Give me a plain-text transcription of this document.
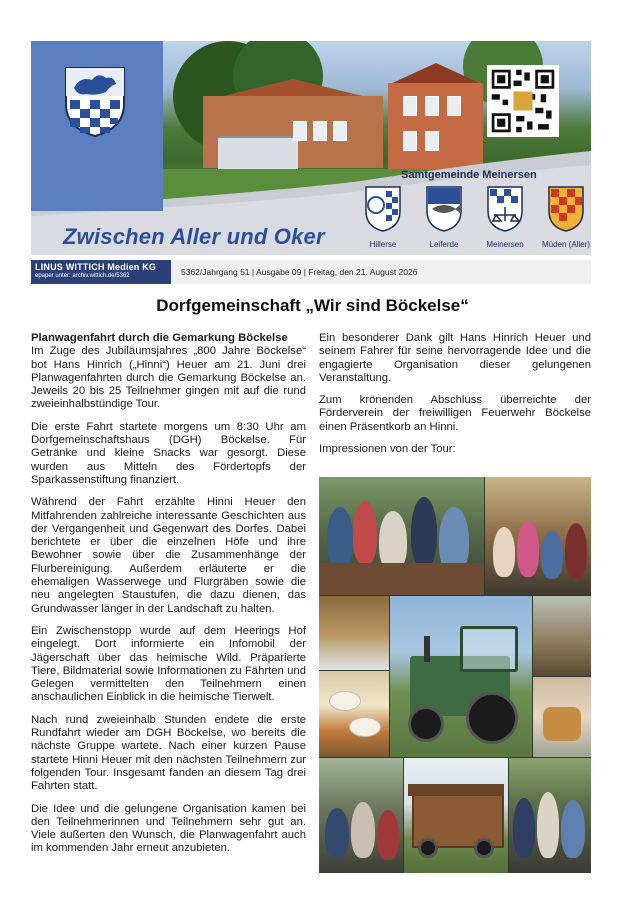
Samtgemeinde Meinersen
Hillerse	Leiferde	Meinersen	Müden (Aller)
Zwischen Aller und Oker
LINUS WITTICH Medien KG
epaper unter: archiv.wittich.de/5362	5362/Jahrgang 51 | Ausgabe 09 | Freitag, den 21. August 2026
Dorfgemeinschaft „Wir sind Böckelse“
Planwagenfahrt durch die Gemarkung Böckelse

Im Zuge des Jubiläumsjahres „800 Jahre Böckelse“ bot Hans Hinrich („Hinni“) Heuer am 21. Juni drei Planwagenfahrten durch die Gemarkung Böckelse an. Jeweils 20 bis 25 Teilnehmer gingen mit auf die rund zweieinhalbstündige Tour.

Die erste Fahrt startete morgens um 8:30 Uhr am Dorfgemeinschaftshaus (DGH) Böckelse. Für Getränke und kleine Snacks war gesorgt. Diese wurden aus Mitteln des Fördertopfs der Sparkassenstiftung finanziert.

Während der Fahrt erzählte Hinni Heuer den Mitfahrenden zahlreiche interessante Geschichten aus der Vergangenheit und Gegenwart des Dorfes. Dabei berichtete er über die einzelnen Höfe und ihre Bewohner sowie über die Zusammenhänge der Flurbereinigung. Außerdem erläuterte er die ehemaligen Wasserwege und Flurgräben sowie die neu angelegten Staustufen, die dazu dienen, das Grundwasser länger in der Landschaft zu halten.

Ein Zwischenstopp wurde auf dem Heerings Hof eingelegt. Dort informierte ein Infomobil der Jägerschaft über das heimische Wild. Präparierte Tiere, Bildmaterial sowie Informationen zu Fährten und Gelegen vermittelten den Teilnehmern einen anschaulichen Einblick in die heimische Tierwelt.

Nach rund zweieinhalb Stunden endete die erste Rundfahrt wieder am DGH Böckelse, wo bereits die nächste Gruppe wartete. Nach einer kurzen Pause startete Hinni Heuer mit den nächsten Teilnehmern zur folgenden Tour. Insgesamt fanden an diesem Tag drei Fahrten statt.

Die Idee und die gelungene Organisation kamen bei den Teilnehmerinnen und Teilnehmern sehr gut an. Viele äußerten den Wunsch, die Planwagenfahrt auch im kommenden Jahr erneut anzubieten.

Ein besonderer Dank gilt Hans Hinrich Heuer und seinem Fahrer für seine hervorragende Idee und die engagierte Organisation dieser gelungenen Veranstaltung.

Zum krönenden Abschluss überreichte der Förderverein der freiwilligen Feuerwehr Böckelse einen Präsentkorb an Hinni.

Impressionen von der Tour:
